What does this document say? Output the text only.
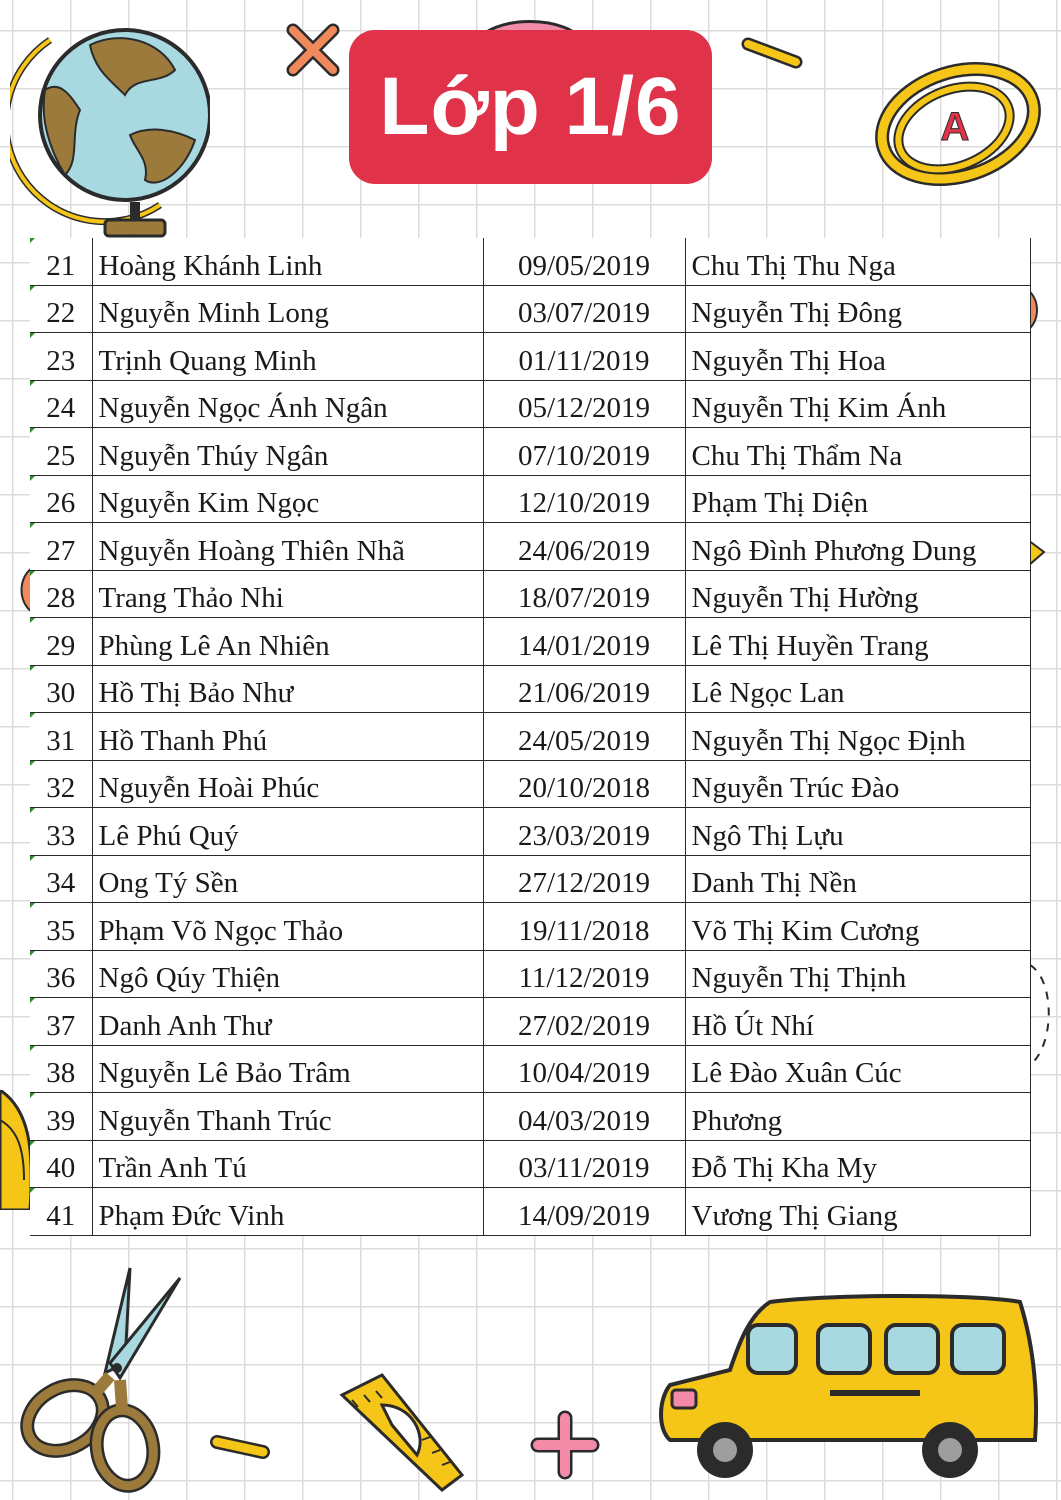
A
Lớp 1/6
21	Hoàng Khánh Linh	09/05/2019	Chu Thị Thu Nga
22	Nguyễn Minh Long	03/07/2019	Nguyễn Thị Đông
23	Trịnh Quang Minh	01/11/2019	Nguyễn Thị Hoa
24	Nguyễn Ngọc Ánh Ngân	05/12/2019	Nguyễn Thị Kim Ánh
25	Nguyễn Thúy Ngân	07/10/2019	Chu Thị Thẩm Na
26	Nguyễn Kim Ngọc	12/10/2019	Phạm Thị Diện
27	Nguyễn Hoàng Thiên Nhã	24/06/2019	Ngô Đình Phương Dung
28	Trang Thảo Nhi	18/07/2019	Nguyễn Thị Hường
29	Phùng Lê An Nhiên	14/01/2019	Lê Thị Huyền Trang
30	Hồ Thị Bảo Như	21/06/2019	Lê Ngọc Lan
31	Hồ Thanh Phú	24/05/2019	Nguyễn Thị Ngọc Định
32	Nguyễn Hoài Phúc	20/10/2018	Nguyễn Trúc Đào
33	Lê Phú Quý	23/03/2019	Ngô Thị Lựu
34	Ong Tý Sền	27/12/2019	Danh Thị Nền
35	Phạm Võ Ngọc Thảo	19/11/2018	Võ Thị Kim Cương
36	Ngô Qúy Thiện	11/12/2019	Nguyễn Thị Thịnh
37	Danh Anh Thư	27/02/2019	Hồ Út Nhí
38	Nguyễn Lê Bảo Trâm	10/04/2019	Lê Đào Xuân Cúc
39	Nguyễn Thanh Trúc	04/03/2019	Phương
40	Trần Anh Tú	03/11/2019	Đỗ Thị Kha My
41	Phạm Đức Vinh	14/09/2019	Vương Thị Giang
